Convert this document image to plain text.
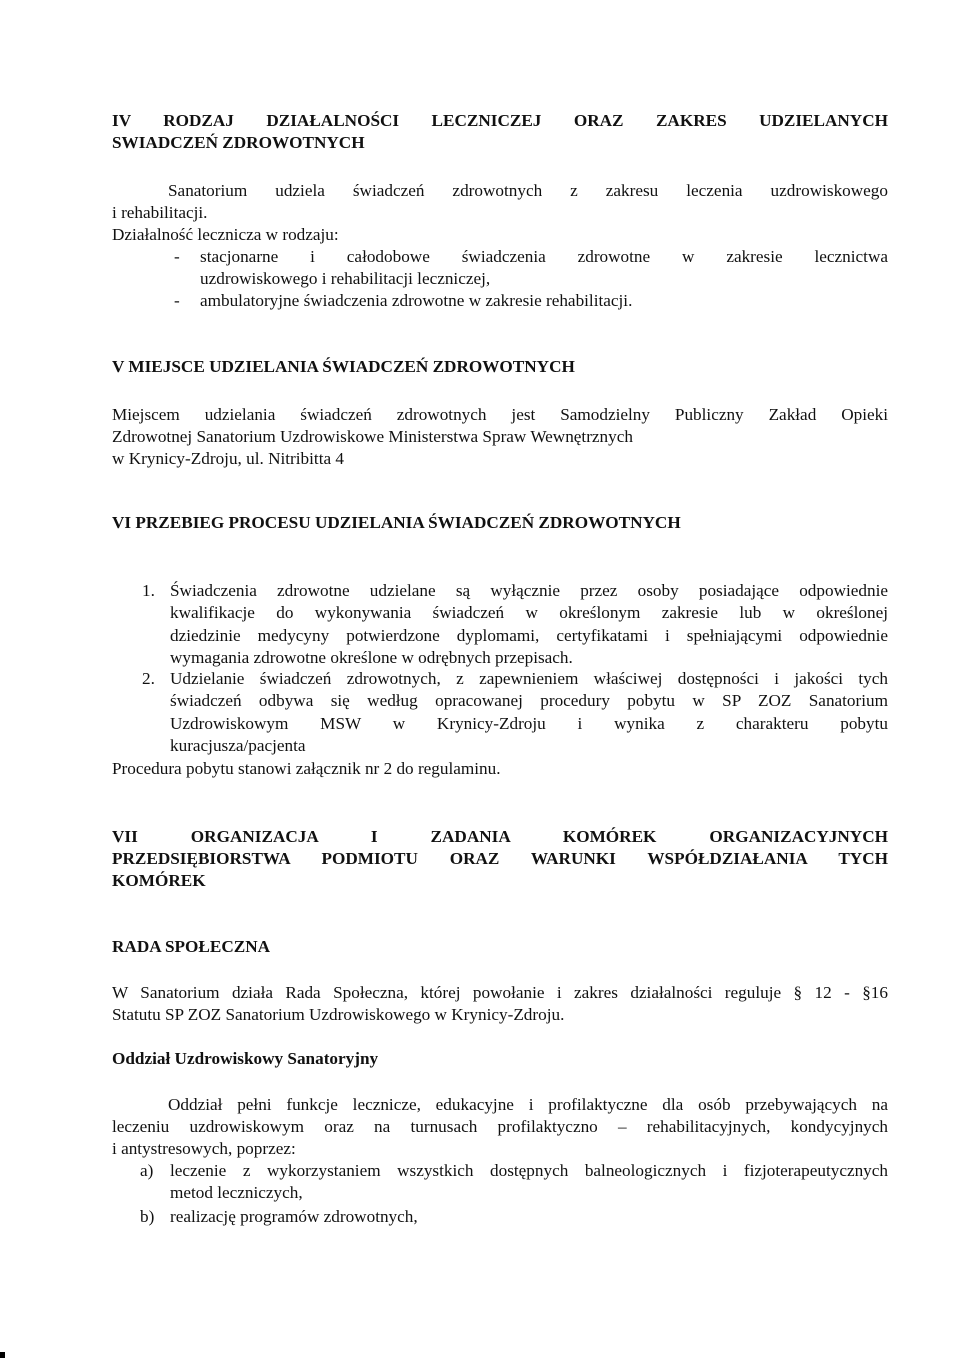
IV RODZAJ DZIAŁALNOŚCI LECZNICZEJ ORAZ ZAKRES UDZIELANYCH
SWIADCZEŃ ZDROWOTNYCH
Sanatorium udziela świadczeń zdrowotnych z zakresu leczenia uzdrowiskowego
i rehabilitacji.
Działalność lecznicza w rodzaju:
- stacjonarne i całodobowe świadczenia zdrowotne w zakresie lecznictwa
uzdrowiskowego i rehabilitacji leczniczej,
- ambulatoryjne świadczenia zdrowotne w zakresie rehabilitacji.
V MIEJSCE UDZIELANIA ŚWIADCZEŃ ZDROWOTNYCH
Miejscem udzielania świadczeń zdrowotnych jest Samodzielny Publiczny Zakład Opieki
Zdrowotnej Sanatorium Uzdrowiskowe Ministerstwa Spraw Wewnętrznych
w Krynicy-Zdroju, ul. Nitribitta 4
VI PRZEBIEG PROCESU UDZIELANIA ŚWIADCZEŃ ZDROWOTNYCH
1. Świadczenia zdrowotne udzielane są wyłącznie przez osoby posiadające odpowiednie
kwalifikacje do wykonywania świadczeń w określonym zakresie lub w określonej
dziedzinie medycyny potwierdzone dyplomami, certyfikatami i spełniającymi odpowiednie
wymagania zdrowotne określone w odrębnych przepisach.
2. Udzielanie świadczeń zdrowotnych, z zapewnieniem właściwej dostępności i jakości tych
świadczeń odbywa się według opracowanej procedury pobytu w SP ZOZ Sanatorium
Uzdrowiskowym MSW w Krynicy-Zdroju i wynika z charakteru pobytu
kuracjusza/pacjenta
Procedura pobytu stanowi załącznik nr 2 do regulaminu.
VII ORGANIZACJA I ZADANIA KOMÓREK ORGANIZACYJNYCH
PRZEDSIĘBIORSTWA PODMIOTU ORAZ WARUNKI WSPÓŁDZIAŁANIA TYCH
KOMÓREK
RADA SPOŁECZNA
W Sanatorium działa Rada Społeczna, której powołanie i zakres działalności reguluje § 12 - §16
Statutu SP ZOZ Sanatorium Uzdrowiskowego w Krynicy-Zdroju.
Oddział Uzdrowiskowy Sanatoryjny
Oddział pełni funkcje lecznicze, edukacyjne i profilaktyczne dla osób przebywających na
leczeniu uzdrowiskowym oraz na turnusach profilaktyczno – rehabilitacyjnych, kondycyjnych
i antystresowych, poprzez:
a) leczenie z wykorzystaniem wszystkich dostępnych balneologicznych i fizjoterapeutycznych
metod leczniczych,
b) realizację programów zdrowotnych,
